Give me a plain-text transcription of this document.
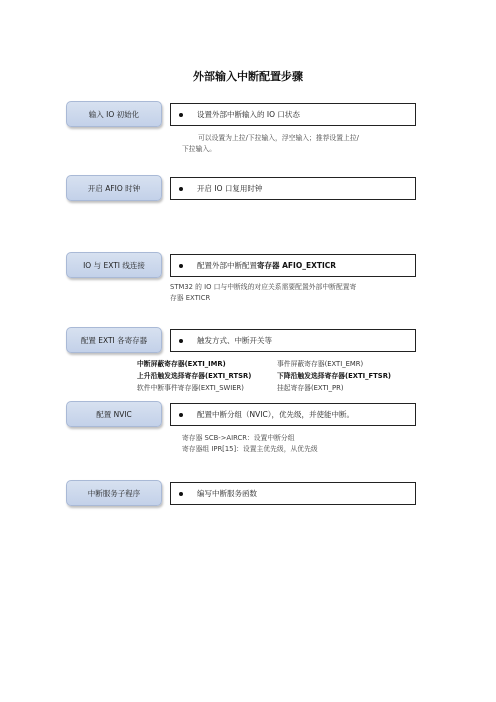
外部输入中断配置步骤
输入 IO 初始化	设置外部中断输入的 IO 口状态
可以设置为上拉/下拉输入，浮空输入；推荐设置上拉/
下拉输入。
开启 AFIO 时钟	开启 IO 口复用时钟
IO 与 EXTI 线连接	配置外部中断配置 寄存器 AFIO_EXTICR
STM32 的 IO 口与中断线的对应关系需要配置外部中断配置寄
存器 EXTICR
配置 EXTI 各寄存器	触发方式、中断开关等
中断屏蔽寄存器(EXTI_IMR)	事件屏蔽寄存器(EXTI_EMR)
上升沿触发选择寄存器(EXTI_RTSR)	下降沿触发选择寄存器(EXTI_FTSR)
软件中断事件寄存器(EXTI_SWIER)	挂起寄存器(EXTI_PR)
配置 NVIC	配置中断分组（NVIC），优先级，并使能中断。
寄存器 SCB->AIRCR：设置中断分组
寄存器组 IPR[15]：设置主优先级，从优先级
中断服务子程序	编写中断服务函数
